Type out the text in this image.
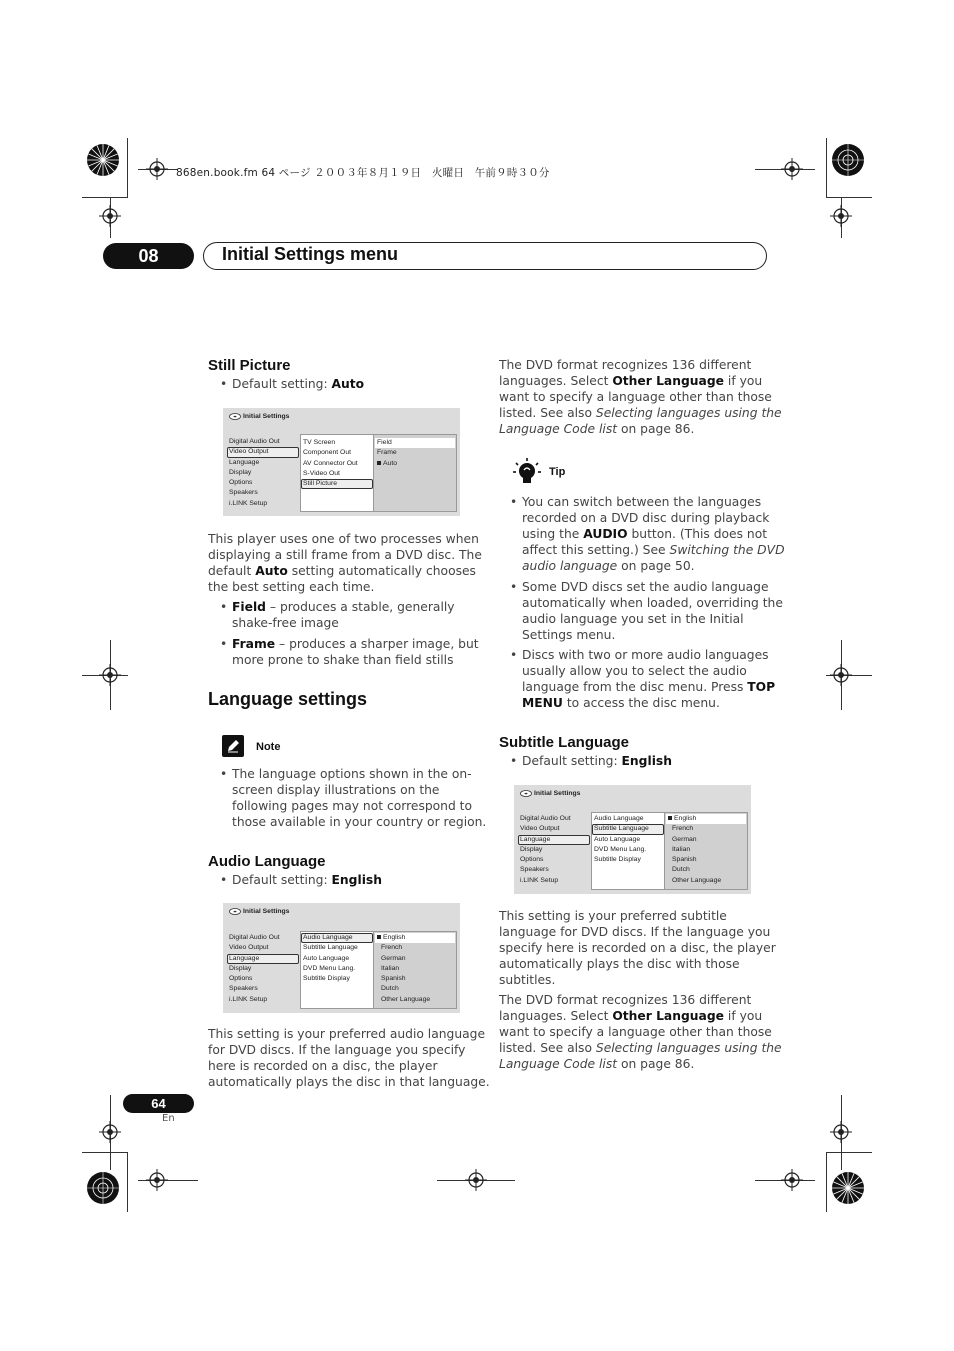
868en.book.fm 64 ページ ２００３年８月１９日　火曜日　午前９時３０分
08	Initial Settings menu
Still Picture
• Default setting: Auto
Initial Settings
Digital Audio Out
Video Output
Language
Display
Options
Speakers
i.LINK Setup
TV Screen
Component Out
AV Connector Out
S-Video Out
Still Picture
Field
Frame
Auto
This player uses one of two processes when
displaying a still frame from a DVD disc. The
default Auto setting automatically chooses
the best setting each time.
• Field – produces a stable, generally
shake-free image
• Frame – produces a sharper image, but
more prone to shake than field stills
Language settings
Note
• The language options shown in the on-
screen display illustrations on the
following pages may not correspond to
those available in your country or region.
Audio Language
• Default setting: English
Initial Settings
Digital Audio Out
Video Output
Language
Display
Options
Speakers
i.LINK Setup
Audio Language
Subtitle Language
Auto Language
DVD Menu Lang.
Subtitle Display
English
French
German
Italian
Spanish
Dutch
Other Language
This setting is your preferred audio language
for DVD discs. If the language you specify
here is recorded on a disc, the player
automatically plays the disc in that language.
The DVD format recognizes 136 different
languages. Select Other Language if you
want to specify a language other than those
listed. See also Selecting languages using the
Language Code list on page 86.
Tip
• You can switch between the languages
recorded on a DVD disc during playback
using the AUDIO button. (This does not
affect this setting.) See Switching the DVD
audio language on page 50.
• Some DVD discs set the audio language
automatically when loaded, overriding the
audio language you set in the Initial
Settings menu.
• Discs with two or more audio languages
usually allow you to select the audio
language from the disc menu. Press TOP
MENU to access the disc menu.
Subtitle Language
• Default setting: English
Initial Settings
Digital Audio Out
Video Output
Language
Display
Options
Speakers
i.LINK Setup
Audio Language
Subtitle Language
Auto Language
DVD Menu Lang.
Subtitle Display
English
French
German
Italian
Spanish
Dutch
Other Language
This setting is your preferred subtitle
language for DVD discs. If the language you
specify here is recorded on a disc, the player
automatically plays the disc with those
subtitles.
The DVD format recognizes 136 different
languages. Select Other Language if you
want to specify a language other than those
listed. See also Selecting languages using the
Language Code list on page 86.
64
En
